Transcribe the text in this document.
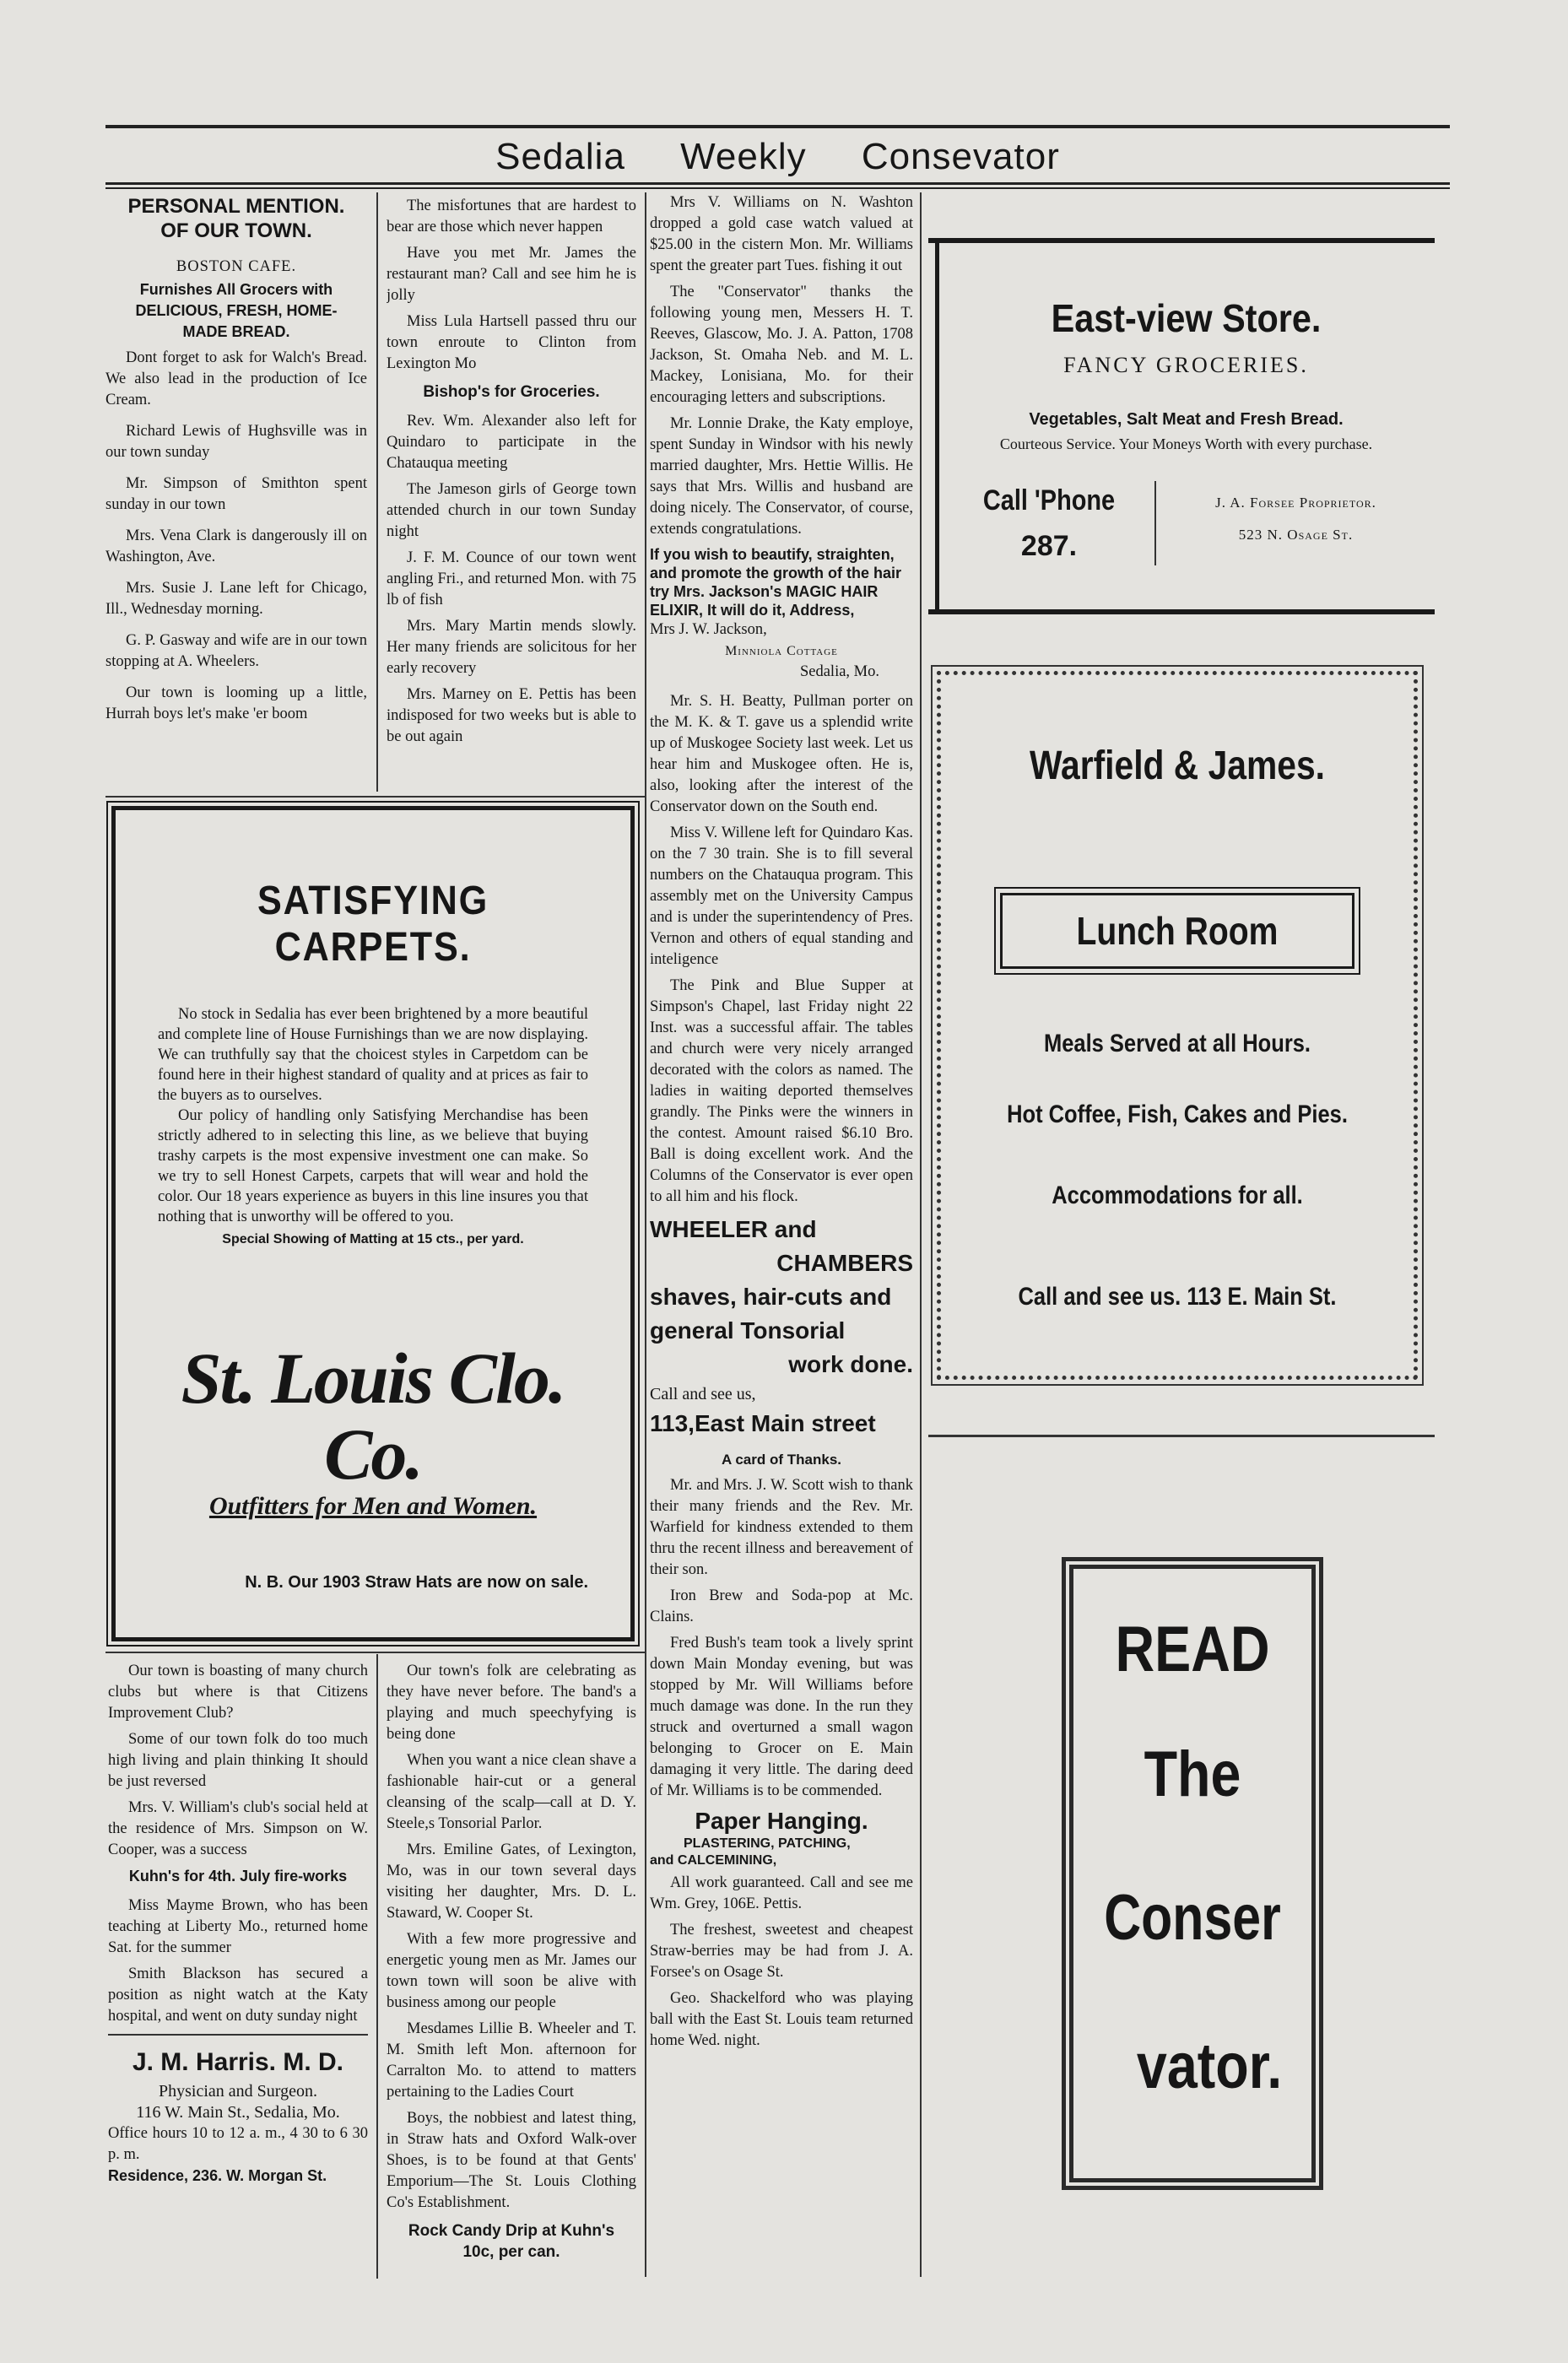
Sedalia Weekly Consevator

PERSONAL MENTION.

OF OUR TOWN.

BOSTON CAFE.

Furnishes All Grocers with

DELICIOUS, FRESH, HOME-

MADE BREAD.

Dont forget to ask for Walch's Bread. We also lead in the production of Ice Cream.

Richard Lewis of Hughsville was in our town sunday

Mr. Simpson of Smithton spent sunday in our town

Mrs. Vena Clark is dangerously ill on Washington, Ave.

Mrs. Susie J. Lane left for Chicago, Ill., Wednesday morning.

G. P. Gasway and wife are in our town stopping at A. Wheelers.

Our town is looming up a little, Hurrah boys let's make 'er boom

The misfortunes that are hardest to bear are those which never happen

Have you met Mr. James the restaurant man? Call and see him he is jolly

Miss Lula Hartsell passed thru our town enroute to Clinton from Lexington Mo

Bishop's for Groceries.

Rev. Wm. Alexander also left for Quindaro to participate in the Chatauqua meeting

The Jameson girls of George town attended church in our town Sunday night

J. F. M. Counce of our town went angling Fri., and returned Mon. with 75 lb of fish

Mrs. Mary Martin mends slowly. Her many friends are solicitous for her early recovery

Mrs. Marney on E. Pettis has been indisposed for two weeks but is able to be out again

SATISFYING CARPETS.
No stock in Sedalia has ever been brightened by a more beautiful and complete line of House Furnishings than we are now displaying. We can truthfully say that the choicest styles in Carpetdom can be found here in their highest standard of quality and at prices as fair to the buyers as to ourselves.
Our policy of handling only Satisfying Merchandise has been strictly adhered to in selecting this line, as we believe that buying trashy carpets is the most expensive investment one can make. So we try to sell Honest Carpets, carpets that will wear and hold the color. Our 18 years experience as buyers in this line insures you that nothing that is unworthy will be offered to you.
Special Showing of Matting at 15 cts., per yard.
St. Louis Clo. Co.
Outfitters for Men and Women.
N. B. Our 1903 Straw Hats are now on sale.

Mrs V. Williams on N. Washton dropped a gold case watch valued at $25.00 in the cistern Mon. Mr. Williams spent the greater part Tues. fishing it out

The "Conservator" thanks the following young men, Messers H. T. Reeves, Glascow, Mo. J. A. Patton, 1708 Jackson, St. Omaha Neb. and M. L. Mackey, Lonisiana, Mo. for their encouraging letters and subscriptions.

Mr. Lonnie Drake, the Katy employe, spent Sunday in Windsor with his newly married daughter, Mrs. Hettie Willis. He says that Mrs. Willis and husband are doing nicely. The Conservator, of course, extends congratulations.

If you wish to beautify, straighten, and promote the growth of the hair try Mrs. Jackson's MAGIC HAIR ELIXIR, It will do it, Address,

Mrs J. W. Jackson,

Minniola Cottage

Sedalia, Mo.

Mr. S. H. Beatty, Pullman porter on the M. K. & T. gave us a splendid write up of Muskogee Society last week. Let us hear him and Muskogee often. He is, also, looking after the interest of the Conservator down on the South end.

Miss V. Willene left for Quindaro Kas. on the 7 30 train. She is to fill several numbers on the Chatauqua program. This assembly met on the University Campus and is under the superintendency of Pres. Vernon and others of equal standing and inteligence

The Pink and Blue Supper at Simpson's Chapel, last Friday night 22 Inst. was a successful affair. The tables and church were very nicely arranged decorated with the colors as named. The ladies in waiting deported themselves grandly. The Pinks were the winners in the contest. Amount raised $6.10 Bro. Ball is doing excellent work. And the Columns of the Conservator is ever open to all him and his flock.

WHEELER and
CHAMBERS
shaves, hair-cuts and
general Tonsorial
work done.
Call and see us,
113,East Main street

A card of Thanks.

Mr. and Mrs. J. W. Scott wish to thank their many friends and the Rev. Mr. Warfield for kindness extended to them thru the recent illness and bereavement of their son.

Iron Brew and Soda-pop at Mc. Clains.

Fred Bush's team took a lively sprint down Main Monday evening, but was stopped by Mr. Will Williams before much damage was done. In the run they struck and overturned a small wagon belonging to Grocer on E. Main damaging it very little. The daring deed of Mr. Williams is to be commended.

Paper Hanging.

PLASTERING, PATCHING,

and CALCEMINING,

All work guaranteed. Call and see me Wm. Grey, 106E. Pettis.

The freshest, sweetest and cheapest Straw-berries may be had from J. A. Forsee's on Osage St.

Geo. Shackelford who was playing ball with the East St. Louis team returned home Wed. night.

Our town is boasting of many church clubs but where is that Citizens Improvement Club?

Some of our town folk do too much high living and plain thinking It should be just reversed

Mrs. V. William's club's social held at the residence of Mrs. Simpson on W. Cooper, was a success

Kuhn's for 4th. July fire-works

Miss Mayme Brown, who has been teaching at Liberty Mo., returned home Sat. for the summer

Smith Blackson has secured a position as night watch at the Katy hospital, and went on duty sunday night

J. M. Harris. M. D.

Physician and Surgeon.

116 W. Main St., Sedalia, Mo.

Office hours 10 to 12 a. m., 4 30 to 6 30 p. m.

Residence, 236. W. Morgan St.

Our town's folk are celebrating as they have never before. The band's a playing and much speechyfying is being done

When you want a nice clean shave a fashionable hair-cut or a general cleansing of the scalp—call at D. Y. Steele,s Tonsorial Parlor.

Mrs. Emiline Gates, of Lexington, Mo, was in our town several days visiting her daughter, Mrs. D. L. Staward, W. Cooper St.

With a few more progressive and energetic young men as Mr. James our town town will soon be alive with business among our people

Mesdames Lillie B. Wheeler and T. M. Smith left Mon. afternoon for Carralton Mo. to attend to matters pertaining to the Ladies Court

Boys, the nobbiest and latest thing, in Straw hats and Oxford Walk-over Shoes, is to be found at that Gents' Emporium—The St. Louis Clothing Co's Establishment.

Rock Candy Drip at Kuhn's

10c, per can.

East-view Store.
FANCY GROCERIES.
Vegetables, Salt Meat and Fresh Bread.
Courteous Service. Your Moneys Worth with every purchase.
Call 'Phone
287.
J. A. Forsee Proprietor.
523 N. Osage St.
Warfield & James.
Lunch Room
Meals Served at all Hours.
Hot Coffee, Fish, Cakes and Pies.
Accommodations for all.
Call and see us. 113 E. Main St.
READ
The
Conser
vator.
